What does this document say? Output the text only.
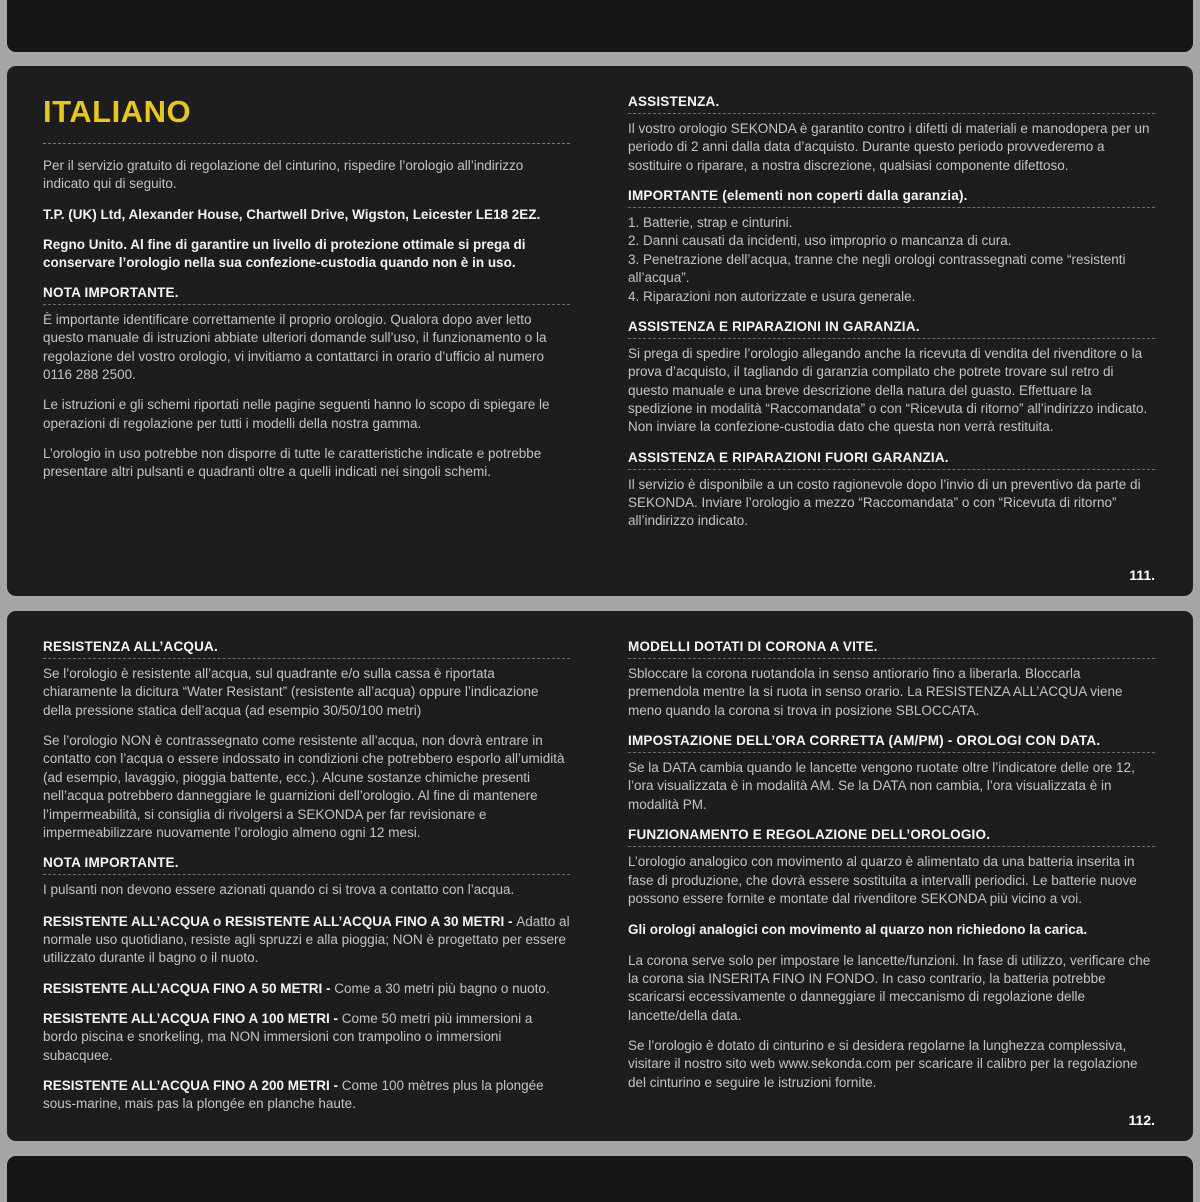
ITALIANO

Per il servizio gratuito di regolazione del cinturino, rispedire l’orologio all’indirizzo indicato qui di seguito.

T.P. (UK) Ltd, Alexander House, Chartwell Drive, Wigston, Leicester LE18 2EZ.

Regno Unito. Al fine di garantire un livello di protezione ottimale si prega di conservare l’orologio nella sua confezione-custodia quando non è in uso.

NOTA IMPORTANTE.

È importante identificare correttamente il proprio orologio. Qualora dopo aver letto questo manuale di istruzioni abbiate ulteriori domande sull’uso, il funzionamento o la regolazione del vostro orologio, vi invitiamo a contattarci in orario d’ufficio al numero 0116 288 2500.

Le istruzioni e gli schemi riportati nelle pagine seguenti hanno lo scopo di spiegare le operazioni di regolazione per tutti i modelli della nostra gamma.

L’orologio in uso potrebbe non disporre di tutte le caratteristiche indicate e potrebbe presentare altri pulsanti e quadranti oltre a quelli indicati nei singoli schemi.

ASSISTENZA.

Il vostro orologio SEKONDA è garantito contro i difetti di materiali e manodopera per un periodo di 2 anni dalla data d’acquisto. Durante questo periodo provvederemo a sostituire o riparare, a nostra discrezione, qualsiasi componente difettoso.

IMPORTANTE (elementi non coperti dalla garanzia).
1. Batterie, strap e cinturini.
2. Danni causati da incidenti, uso improprio o mancanza di cura.
3. Penetrazione dell’acqua, tranne che negli orologi contrassegnati come “resistenti all’acqua”.
4. Riparazioni non autorizzate e usura generale.
ASSISTENZA E RIPARAZIONI IN GARANZIA.

Si prega di spedire l’orologio allegando anche la ricevuta di vendita del rivenditore o la prova d’acquisto, il tagliando di garanzia compilato che potrete trovare sul retro di questo manuale e una breve descrizione della natura del guasto. Effettuare la spedizione in modalità “Raccomandata” o con “Ricevuta di ritorno” all’indirizzo indicato. Non inviare la confezione-custodia dato che questa non verrà restituita.

ASSISTENZA E RIPARAZIONI FUORI GARANZIA.

Il servizio è disponibile a un costo ragionevole dopo l’invio di un preventivo da parte di SEKONDA. Inviare l’orologio a mezzo “Raccomandata” o con “Ricevuta di ritorno” all’indirizzo indicato.

111.
RESISTENZA ALL’ACQUA.

Se l’orologio è resistente all’acqua, sul quadrante e/o sulla cassa è riportata chiaramente la dicitura “Water Resistant” (resistente all’acqua) oppure l’indicazione della pressione statica dell’acqua (ad esempio 30/50/100 metri)

Se l’orologio NON è contrassegnato come resistente all’acqua, non dovrà entrare in contatto con l’acqua o essere indossato in condizioni che potrebbero esporlo all’umidità (ad esempio, lavaggio, pioggia battente, ecc.). Alcune sostanze chimiche presenti nell’acqua potrebbero danneggiare le guarnizioni dell’orologio. Al fine di mantenere l’impermeabilità, si consiglia di rivolgersi a SEKONDA per far revisionare e impermeabilizzare nuovamente l’orologio almeno ogni 12 mesi.

NOTA IMPORTANTE.

I pulsanti non devono essere azionati quando ci si trova a contatto con l’acqua.

RESISTENTE ALL’ACQUA o RESISTENTE ALL’ACQUA FINO A 30 METRI - Adatto al normale uso quotidiano, resiste agli spruzzi e alla pioggia; NON è progettato per essere utilizzato durante il bagno o il nuoto.

RESISTENTE ALL’ACQUA FINO A 50 METRI - Come a 30 metri più bagno o nuoto.

RESISTENTE ALL’ACQUA FINO A 100 METRI - Come 50 metri più immersioni a bordo piscina e snorkeling, ma NON immersioni con trampolino o immersioni subacquee.

RESISTENTE ALL’ACQUA FINO A 200 METRI - Come 100 mètres plus la plongée sous-marine, mais pas la plongée en planche haute.

MODELLI DOTATI DI CORONA A VITE.

Sbloccare la corona ruotandola in senso antiorario fino a liberarla. Bloccarla premendola mentre la si ruota in senso orario. La RESISTENZA ALL’ACQUA viene meno quando la corona si trova in posizione SBLOCCATA.

IMPOSTAZIONE DELL’ORA CORRETTA (AM/PM) - OROLOGI CON DATA.

Se la DATA cambia quando le lancette vengono ruotate oltre l’indicatore delle ore 12, l’ora visualizzata è in modalità AM. Se la DATA non cambia, l’ora visualizzata è in modalità PM.

FUNZIONAMENTO E REGOLAZIONE DELL’OROLOGIO.

L’orologio analogico con movimento al quarzo è alimentato da una batteria inserita in fase di produzione, che dovrà essere sostituita a intervalli periodici. Le batterie nuove possono essere fornite e montate dal rivenditore SEKONDA più vicino a voi.

Gli orologi analogici con movimento al quarzo non richiedono la carica.

La corona serve solo per impostare le lancette/funzioni. In fase di utilizzo, verificare che la corona sia INSERITA FINO IN FONDO. In caso contrario, la batteria potrebbe scaricarsi eccessivamente o danneggiare il meccanismo di regolazione delle lancette/della data.

Se l’orologio è dotato di cinturino e si desidera regolarne la lunghezza complessiva, visitare il nostro sito web www.sekonda.com per scaricare il calibro per la regolazione del cinturino e seguire le istruzioni fornite.

112.
